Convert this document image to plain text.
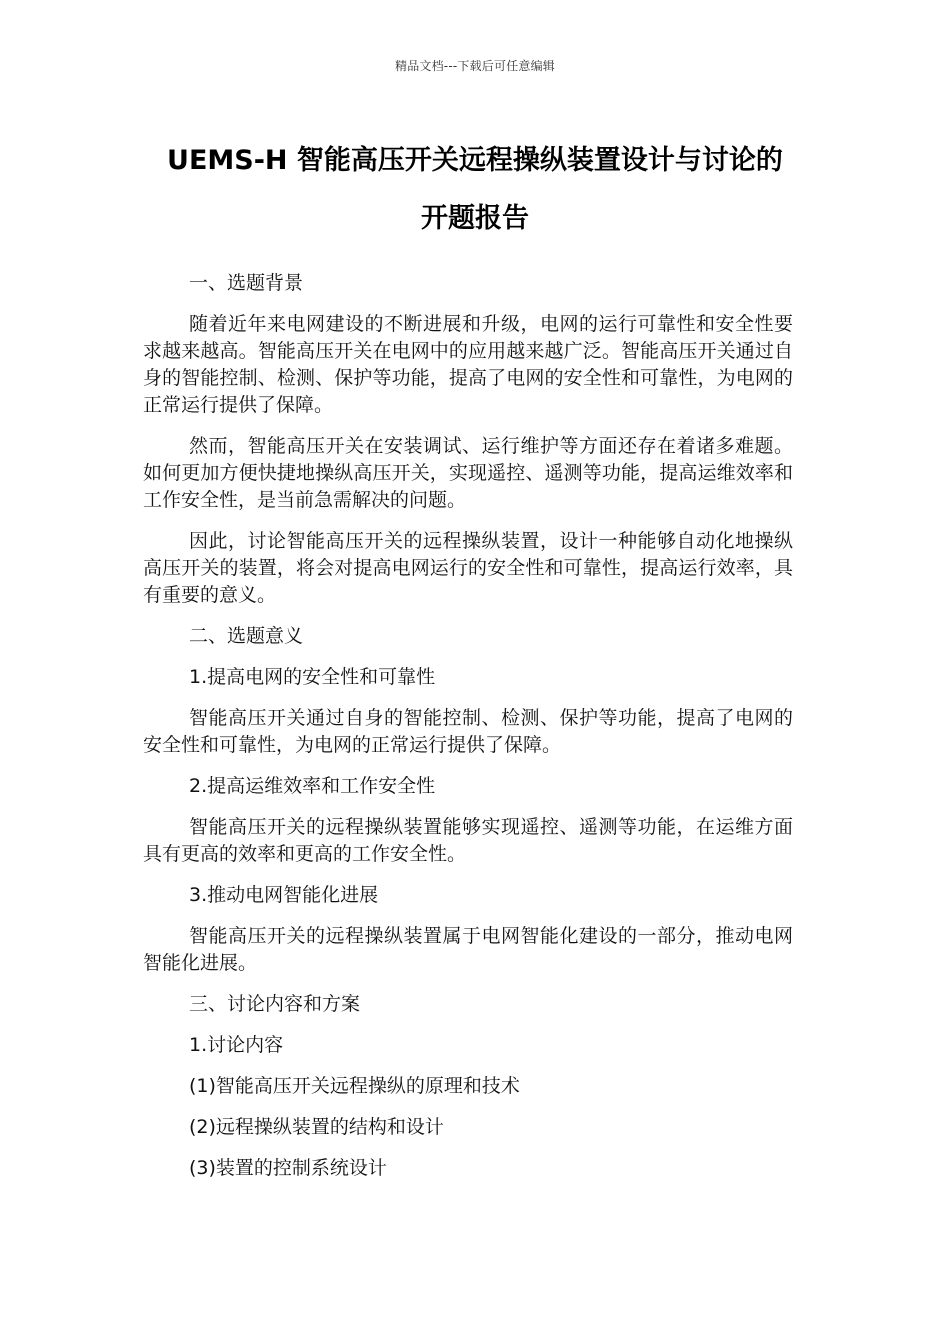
精品文档---下载后可任意编辑
UEMS-H 智能高压开关远程操纵装置设计与讨论的
开题报告

一、选题背景

随着近年来电网建设的不断进展和升级，电网的运行可靠性和安全性要求越来越高。智能高压开关在电网中的应用越来越广泛。智能高压开关通过自身的智能控制、检测、保护等功能，提高了电网的安全性和可靠性，为电网的正常运行提供了保障。

然而，智能高压开关在安装调试、运行维护等方面还存在着诸多难题。如何更加方便快捷地操纵高压开关，实现遥控、遥测等功能，提高运维效率和工作安全性，是当前急需解决的问题。

因此，讨论智能高压开关的远程操纵装置，设计一种能够自动化地操纵高压开关的装置，将会对提高电网运行的安全性和可靠性，提高运行效率，具有重要的意义。

二、选题意义

1.提高电网的安全性和可靠性

智能高压开关通过自身的智能控制、检测、保护等功能，提高了电网的安全性和可靠性，为电网的正常运行提供了保障。

2.提高运维效率和工作安全性

智能高压开关的远程操纵装置能够实现遥控、遥测等功能，在运维方面具有更高的效率和更高的工作安全性。

3.推动电网智能化进展

智能高压开关的远程操纵装置属于电网智能化建设的一部分，推动电网智能化进展。

三、讨论内容和方案

1.讨论内容

(1)智能高压开关远程操纵的原理和技术

(2)远程操纵装置的结构和设计

(3)装置的控制系统设计
